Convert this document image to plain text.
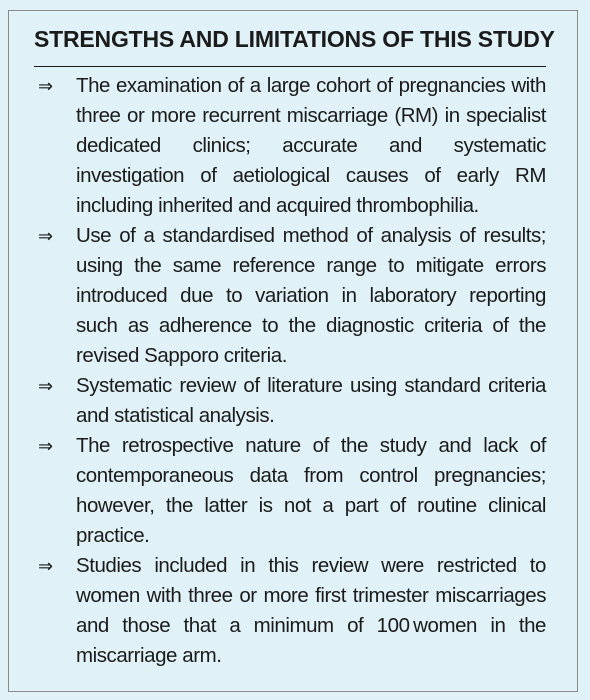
STRENGTHS AND LIMITATIONS OF THIS STUDY
⇒	The examination of a large cohort of pregnancies with three or more recurrent miscarriage (RM) in specialist dedicated clinics; accurate and systematic investigation of aetiological causes of early RM including inherited and acquired thrombophilia.
⇒	Use of a standardised method of analysis of results; using the same reference range to mitigate errors introduced due to variation in laboratory reporting such as adherence to the diagnostic criteria of the revised Sapporo criteria.
⇒	Systematic review of literature using standard criteria and statistical analysis.
⇒	The retrospective nature of the study and lack of contemporaneous data from control pregnancies; however, the latter is not a part of routine clinical practice.
⇒	Studies included in this review were restricted to women with three or more first trimester miscarriages and those that a minimum of 100 women in the miscarriage arm.
